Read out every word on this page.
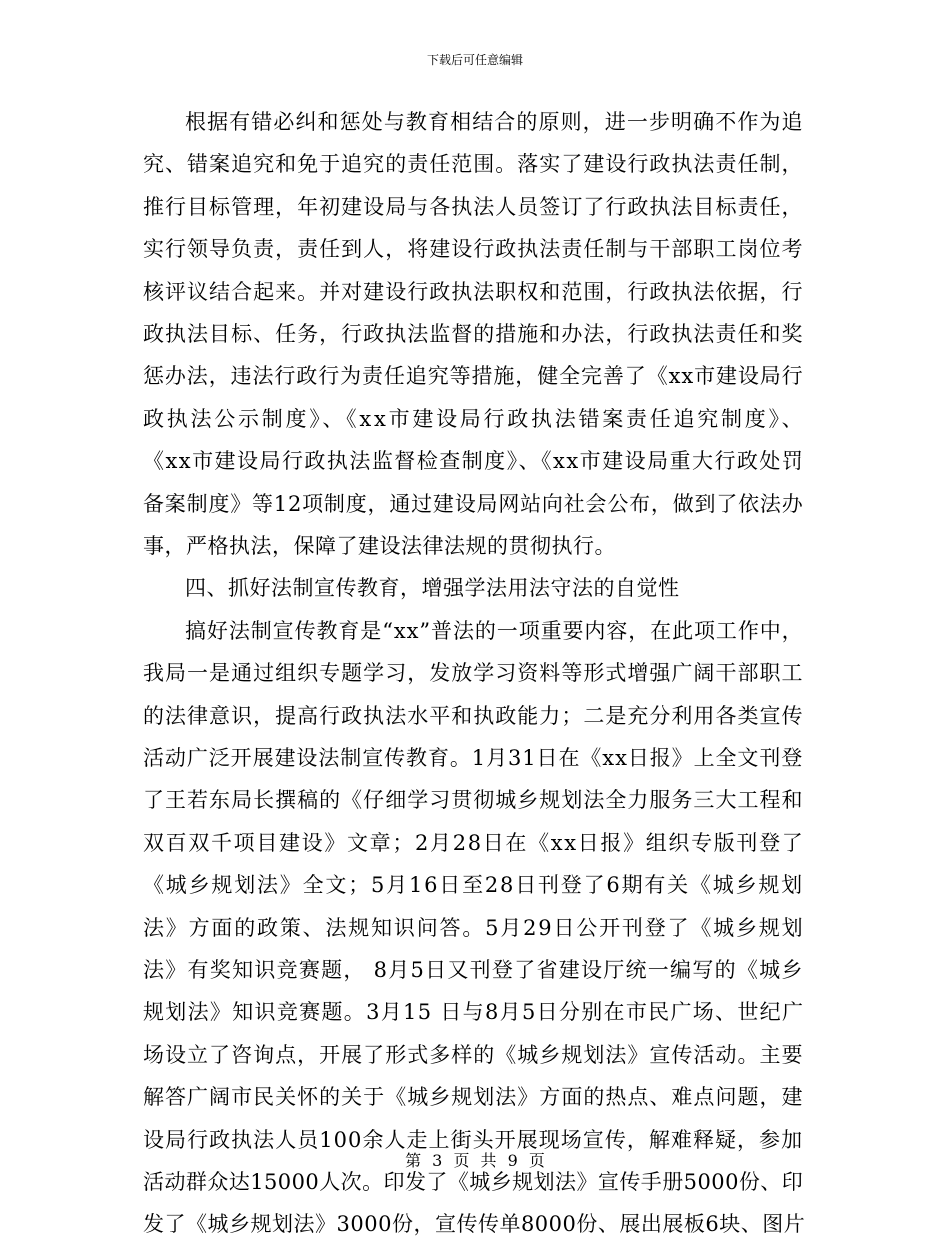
下载后可任意编辑
根据有错必纠和惩处与教育相结合的原则，进一步明确不作为追
究、错案追究和免于追究的责任范围。落实了建设行政执法责任制，
推行目标管理，年初建设局与各执法人员签订了行政执法目标责任，
实行领导负责，责任到人，将建设行政执法责任制与干部职工岗位考
核评议结合起来。并对建设行政执法职权和范围，行政执法依据，行
政执法目标、任务，行政执法监督的措施和办法，行政执法责任和奖
惩办法，违法行政行为责任追究等措施，健全完善了《xx市建设局行
政执法公示制度》、《xx市建设局行政执法错案责任追究制度》、
《xx市建设局行政执法监督检查制度》、《xx市建设局重大行政处罚
备案制度》等12项制度，通过建设局网站向社会公布，做到了依法办
事，严格执法，保障了建设法律法规的贯彻执行。
四、抓好法制宣传教育，增强学法用法守法的自觉性
搞好法制宣传教育是“xx”普法的一项重要内容，在此项工作中，
我局一是通过组织专题学习，发放学习资料等形式增强广阔干部职工
的法律意识，提高行政执法水平和执政能力；二是充分利用各类宣传
活动广泛开展建设法制宣传教育。1月31日在《xx日报》上全文刊登
了王若东局长撰稿的《仔细学习贯彻城乡规划法全力服务三大工程和
双百双千项目建设》文章；2月28日在《xx日报》组织专版刊登了
《城乡规划法》全文；5月16日至28日刊登了6期有关《城乡规划
法》方面的政策、法规知识问答。5月29日公开刊登了《城乡规划
法》有奖知识竞赛题， 8月5日又刊登了省建设厅统一编写的《城乡
规划法》知识竞赛题。3月15 日与8月5日分别在市民广场、世纪广
场设立了咨询点，开展了形式多样的《城乡规划法》宣传活动。主要
解答广阔市民关怀的关于《城乡规划法》方面的热点、难点问题，建
设局行政执法人员100余人走上街头开展现场宣传，解难释疑，参加
活动群众达15000人次。印发了《城乡规划法》宣传手册5000份、印
发了《城乡规划法》3000份，宣传传单8000份、展出展板6块、图片
第 3 页 共 9 页
